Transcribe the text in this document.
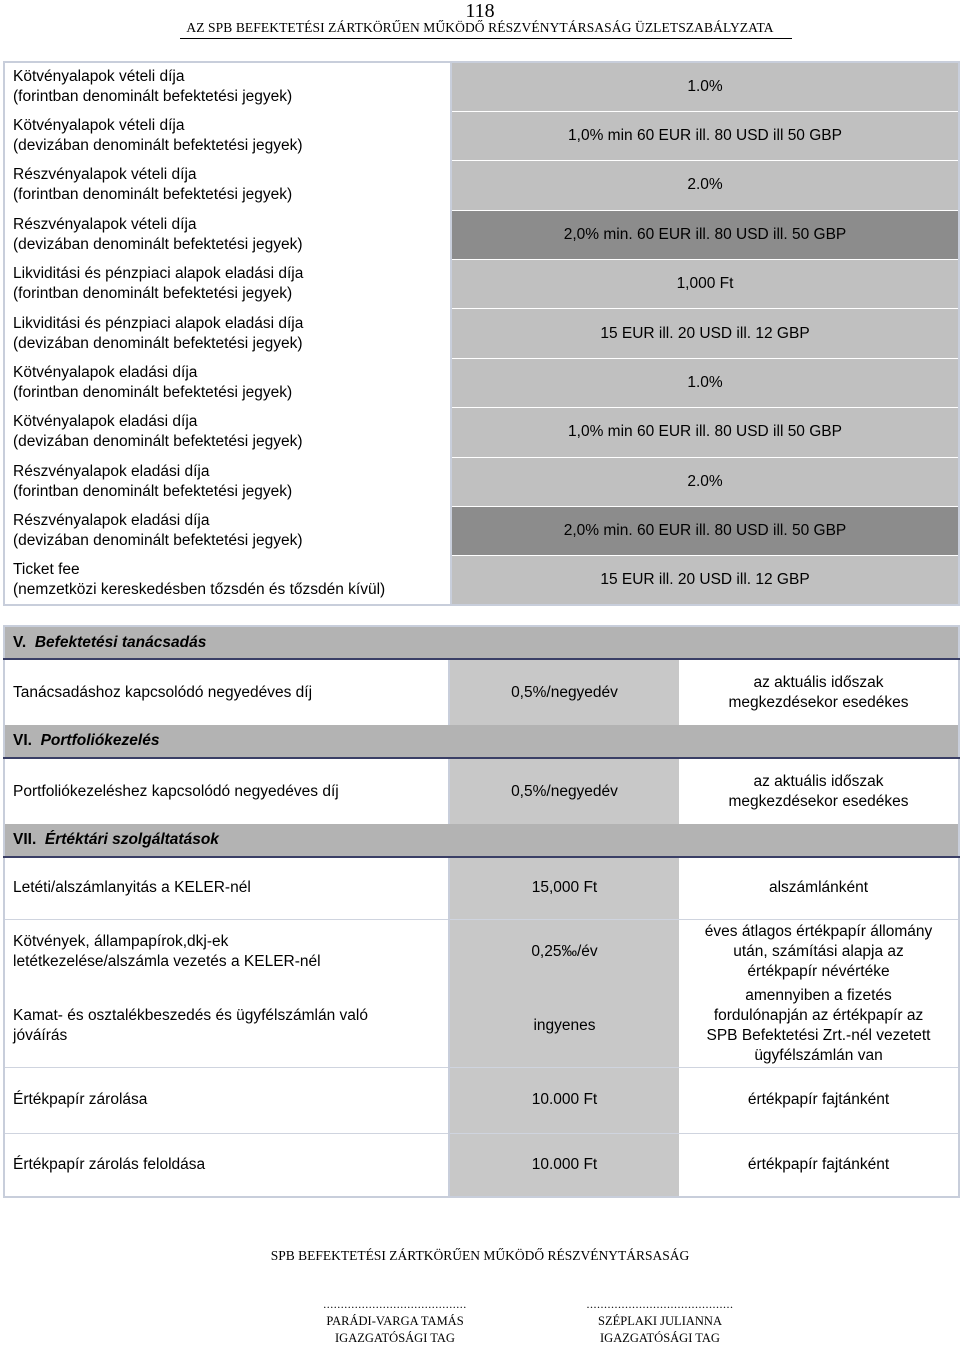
118
AZ SPB BEFEKTETÉSI ZÁRTKÖRŰEN MŰKÖDŐ RÉSZVÉNYTÁRSASÁG ÜZLETSZABÁLYZATA
Kötvényalapok vételi díja
(forintban denominált befektetési jegyek)	1.0%

Kötvényalapok vételi díja
(devizában denominált befektetési jegyek)	1,0% min 60 EUR ill. 80 USD ill 50 GBP

Részvényalapok vételi díja
(forintban denominált befektetési jegyek)	2.0%

Részvényalapok vételi díja
(devizában denominált befektetési jegyek)	2,0% min. 60 EUR ill. 80 USD ill. 50 GBP

Likviditási és pénzpiaci alapok eladási díja
(forintban denominált befektetési jegyek)	1,000 Ft

Likviditási és pénzpiaci alapok eladási díja
(devizában denominált befektetési jegyek)	15 EUR ill. 20 USD ill. 12 GBP

Kötvényalapok eladási díja
(forintban denominált befektetési jegyek)	1.0%

Kötvényalapok eladási díja
(devizában denominált befektetési jegyek)	1,0% min 60 EUR ill. 80 USD ill 50 GBP

Részvényalapok eladási díja
(forintban denominált befektetési jegyek)	2.0%

Részvényalapok eladási díja
(devizában denominált befektetési jegyek)	2,0% min. 60 EUR ill. 80 USD ill. 50 GBP

Ticket fee
(nemzetközi kereskedésben tőzsdén és tőzsdén kívül)	15 EUR ill. 20 USD ill. 12 GBP
V. Befektetési tanácsadás		
Tanácsadáshoz kapcsolódó negyedéves díj	0,5%/negyedév	az aktuális időszak
megkezdésekor esedékes

VI. Portfoliókezelés		
Portfoliókezeléshez kapcsolódó negyedéves díj	0,5%/negyedév	az aktuális időszak
megkezdésekor esedékes

VII. Értéktári szolgáltatások		

Letéti/alszámlanyitás a KELER-nél	15,000 Ft	alszámlánként

Kötvények, állampapírok,dkj-ek
letétkezelése/alszámla vezetés a KELER-nél	0,25‰/év	éves átlagos értékpapír állomány
után, számítási alapja az
értékpapír névértéke

Kamat- és osztalékbeszedés és ügyfélszámlán való
jóváírás	ingyenes	amennyiben a fizetés
fordulónapján az értékpapír az
SPB Befektetési Zrt.-nél vezetett
ügyfélszámlán van

Értékpapír zárolása	10.000 Ft	értékpapír fajtánként

Értékpapír zárolás feloldása	10.000 Ft	értékpapír fajtánként
SPB BEFEKTETÉSI ZÁRTKÖRŰEN MŰKÖDŐ RÉSZVÉNYTÁRSASÁG
.........................................
PARÁDI-VARGA TAMÁS
IGAZGATÓSÁGI TAG
..........................................
SZÉPLAKI JULIANNA
IGAZGATÓSÁGI TAG
